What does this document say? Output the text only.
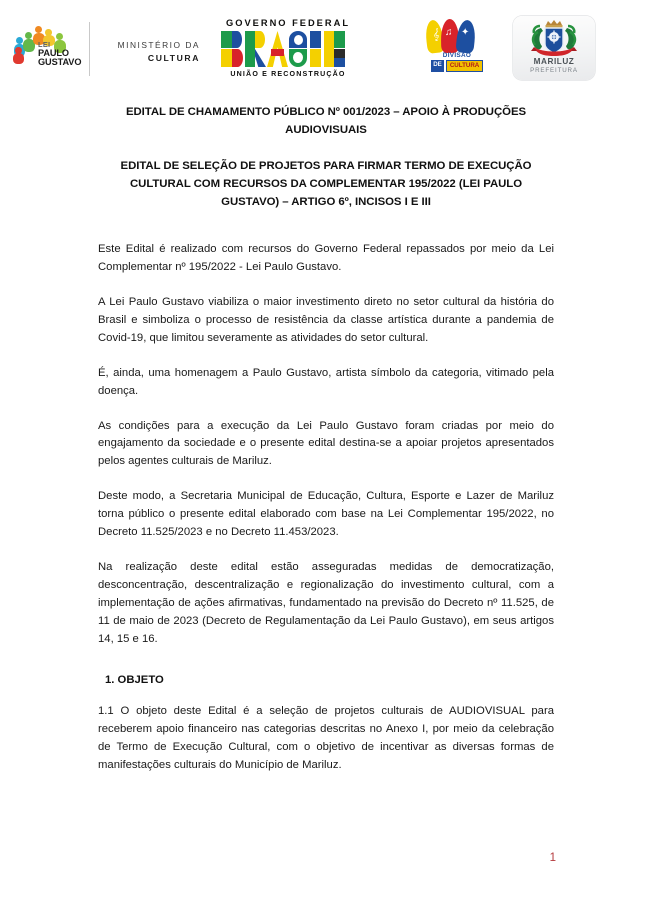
LEI
PAULO
GUSTAVO
MINISTÉRIO DA
CULTURA
GOVERNO FEDERAL
UNIÃO E RECONSTRUÇÃO
𝄞 ♫ ✦
DIVISÃO
DE	CULTURA	MARILUZ
PREFEITURA
EDITAL DE CHAMAMENTO PÚBLICO Nº 001/2023 – APOIO À PRODUÇÕES AUDIOVISUAIS
EDITAL DE SELEÇÃO DE PROJETOS PARA FIRMAR TERMO DE EXECUÇÃO CULTURAL COM RECURSOS DA COMPLEMENTAR 195/2022 (LEI PAULO GUSTAVO) – ARTIGO 6º, INCISOS I E III

Este Edital é realizado com recursos do Governo Federal repassados por meio da Lei Complementar nº 195/2022 - Lei Paulo Gustavo.

A Lei Paulo Gustavo viabiliza o maior investimento direto no setor cultural da história do Brasil e simboliza o processo de resistência da classe artística durante a pandemia de Covid-19, que limitou severamente as atividades do setor cultural.

É, ainda, uma homenagem a Paulo Gustavo, artista símbolo da categoria, vitimado pela doença.

As condições para a execução da Lei Paulo Gustavo foram criadas por meio do engajamento da sociedade e o presente edital destina-se a apoiar projetos apresentados pelos agentes culturais de Mariluz.

Deste modo, a Secretaria Municipal de Educação, Cultura, Esporte e Lazer de Mariluz torna público o presente edital elaborado com base na Lei Complementar 195/2022, no Decreto 11.525/2023 e no Decreto 11.453/2023.

Na realização deste edital estão asseguradas medidas de democratização, desconcentração, descentralização e regionalização do investimento cultural, com a implementação de ações afirmativas, fundamentado na previsão do Decreto nº 11.525, de 11 de maio de 2023 (Decreto de Regulamentação da Lei Paulo Gustavo), em seus artigos 14, 15 e 16.

1. OBJETO

1.1 O objeto deste Edital é a seleção de projetos culturais de AUDIOVISUAL para receberem apoio financeiro nas categorias descritas no Anexo I, por meio da celebração de Termo de Execução Cultural, com o objetivo de incentivar as diversas formas de manifestações culturais do Município de Mariluz.

1
